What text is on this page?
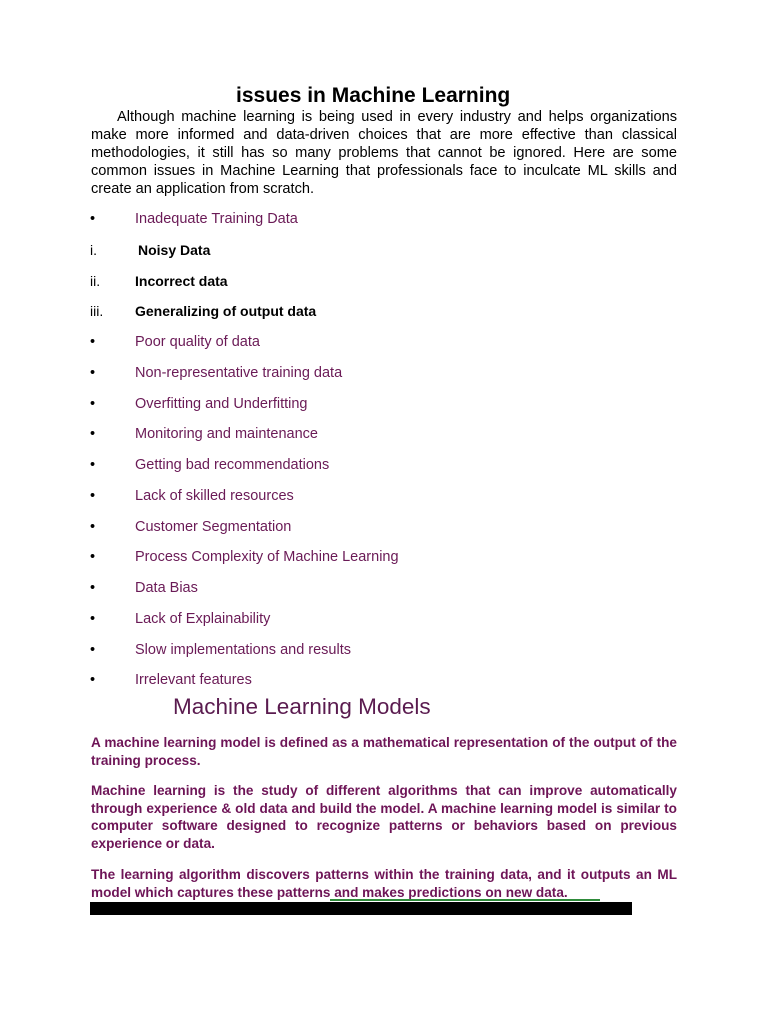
issues in Machine Learning

Although machine learning is being used in every industry and helps organizations make more informed and data-driven choices that are more effective than classical methodologies, it still has so many problems that cannot be ignored. Here are some common issues in Machine Learning that professionals face to inculcate ML skills and create an application from scratch.

•	Inadequate Training Data
i.	Noisy Data
ii. Incorrect data
iii. Generalizing of output data
•	Poor quality of data
•	Non-representative training data
•	Overfitting and Underfitting
•	Monitoring and maintenance
•	Getting bad recommendations
•	Lack of skilled resources
•	Customer Segmentation
•	Process Complexity of Machine Learning
•	Data Bias
•	Lack of Explainability
•	Slow implementations and results
•	Irrelevant features
Machine Learning Models

A machine learning model is defined as a mathematical representation of the output of the training process.

Machine learning is the study of different algorithms that can improve automatically through experience & old data and build the model. A machine learning model is similar to computer software designed to recognize patterns or behaviors based on previous experience or data.

The learning algorithm discovers patterns within the training data, and it outputs an ML model which captures these patterns and makes predictions on new data.
